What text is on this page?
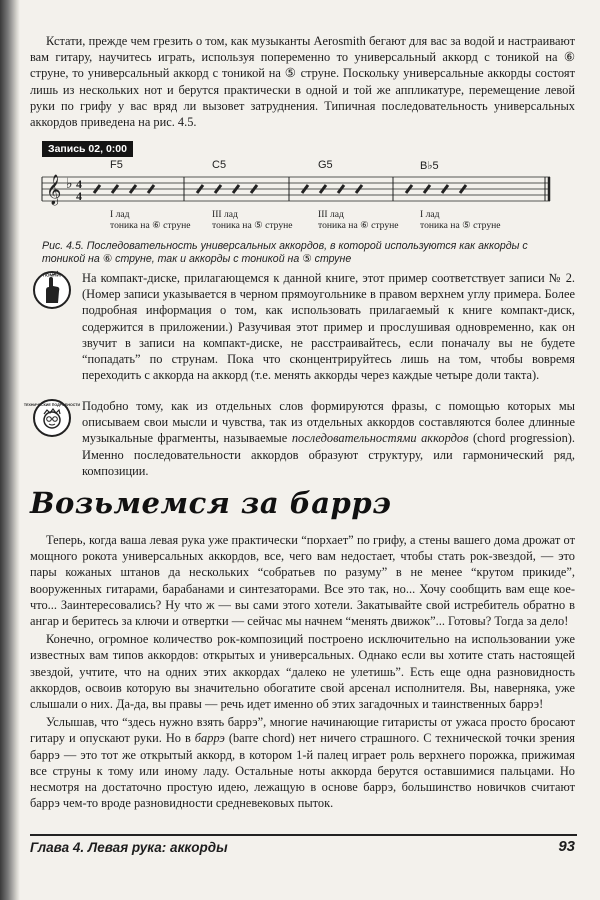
Кстати, прежде чем грезить о том, как музыканты Aerosmith бегают для вас за водой и настраивают вам гитару, научитесь играть, используя попеременно то универсальный аккорд с тоникой на ⑥ струне, то универсальный аккорд с тоникой на ⑤ струне. Поскольку универсальные аккорды состоят лишь из нескольких нот и берутся практически в одной и той же аппликатуре, перемещение левой руки по грифу у вас вряд ли вызовет затруднения. Типичная последовательность универсальных аккордов приведена на рис. 4.5.

Запись 02, 0:00
F5	C5	G5	B♭5
𝄞 ♭ 4
4
I лад
тоника на ⑥ струне
III лад
тоника на ⑤ струне
III лад
тоника на ⑥ струне
I лад
тоника на ⑤ струне

Рис. 4.5. Последовательность универсальных аккордов, в которой используются как аккорды с тоникой на ⑥ струне, так и аккорды с тоникой на ⑤ струне

ПОМНИ! На компакт-диске, прилагающемся к данной книге, этот пример соответствует записи № 2. (Номер записи указывается в черном прямоугольнике в правом верхнем углу примера. Более подробная информация о том, как использовать прилагаемый к книге компакт-диск, содержится в приложении.) Разучивая этот пример и прослушивая одновременно, как он звучит в записи на компакт-диске, не расстраивайтесь, если поначалу вы не будете “попадать” по струнам. Пока что сконцентрируйтесь лишь на том, чтобы вовремя переходить с аккорда на аккорд (т.е. менять аккорды через каждые четыре доли такта).

ТЕХНИЧЕСКИЕ ПОДРОБНОСТИ Подобно тому, как из отдельных слов формируются фразы, с помощью которых мы описываем свои мысли и чувства, так из отдельных аккордов составляются более длинные музыкальные фрагменты, называемые последовательностями аккордов (chord progression). Именно последовательности аккордов образуют структуру, или гармонический ряд, композиции.

Возьмемся за баррэ

Теперь, когда ваша левая рука уже практически “порхает” по грифу, а стены вашего дома дрожат от мощного рокота универсальных аккордов, все, чего вам недостает, чтобы стать рок-звездой, — это пары кожаных штанов да нескольких “собратьев по разуму” в не менее “крутом прикиде”, вооруженных гитарами, барабанами и синтезаторами. Все это так, но... Хочу сообщить вам еще кое-что... Заинтересовались? Ну что ж — вы сами этого хотели. Закатывайте свой истребитель обратно в ангар и беритесь за ключи и отвертки — сейчас мы начнем “менять движок”... Готовы? Тогда за дело!

Конечно, огромное количество рок-композиций построено исключительно на использовании уже известных вам типов аккордов: открытых и универсальных. Однако если вы хотите стать настоящей звездой, учтите, что на одних этих аккордах “далеко не улетишь”. Есть еще одна разновидность аккордов, освоив которую вы значительно обогатите свой арсенал исполнителя. Вы, наверняка, уже слышали о них. Да-да, вы правы — речь идет именно об этих загадочных и таинственных баррэ!

Услышав, что “здесь нужно взять баррэ”, многие начинающие гитаристы от ужаса просто бросают гитару и опускают руки. Но в баррэ (barre chord) нет ничего страшного. С технической точки зрения баррэ — это тот же открытый аккорд, в котором 1-й палец играет роль верхнего порожка, прижимая все струны к тому или иному ладу. Остальные ноты аккорда берутся оставшимися пальцами. Но несмотря на достаточно простую идею, лежащую в основе баррэ, большинство новичков считают баррэ чем-то вроде разновидности средневековых пыток.

Глава 4. Левая рука: аккорды	93
